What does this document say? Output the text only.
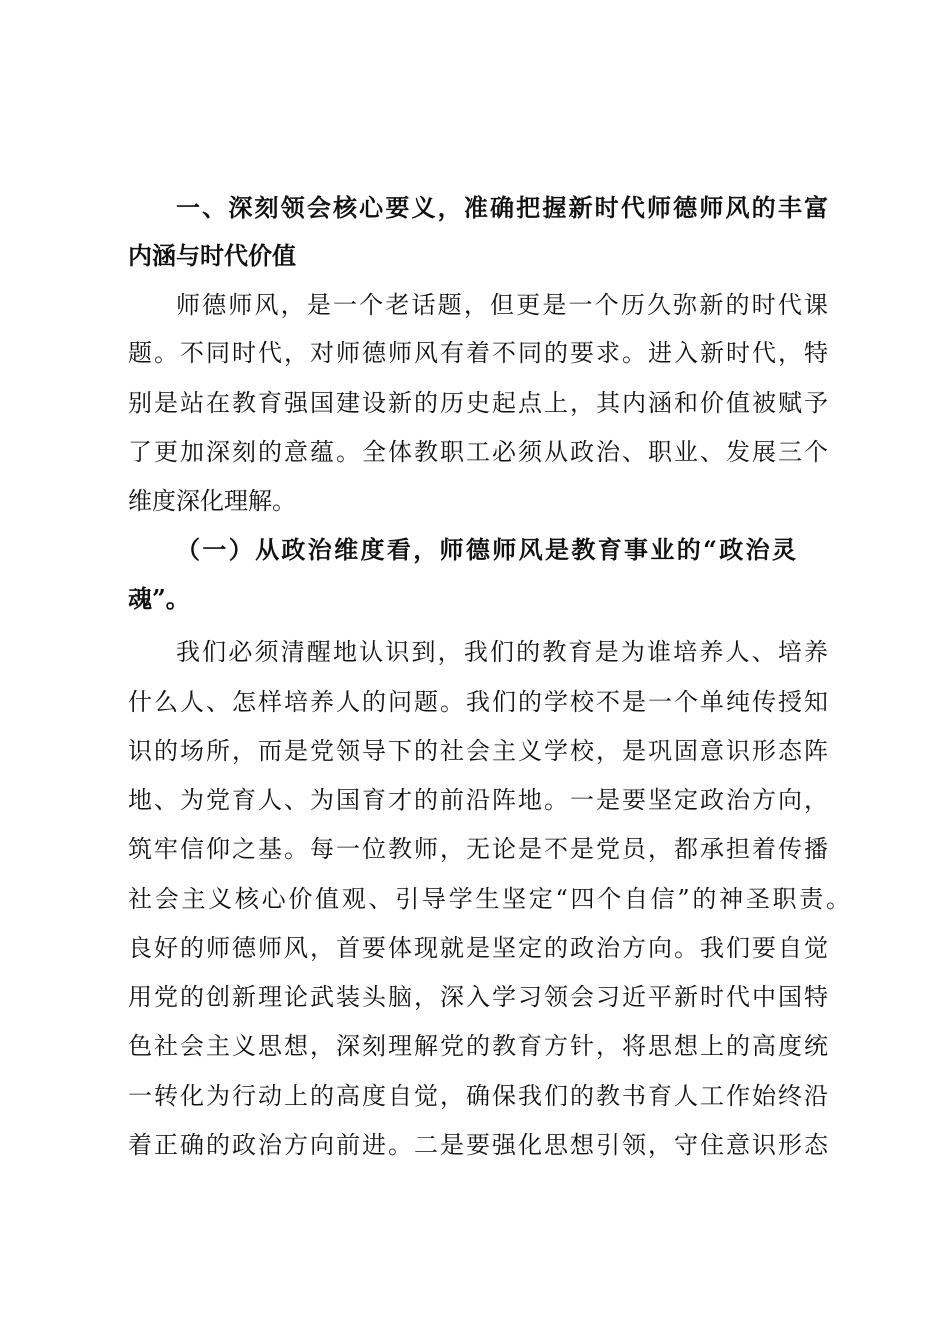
一、深刻领会核心要义，准确把握新时代师德师风的丰富
内涵与时代价值
师德师风，是一个老话题，但更是一个历久弥新的时代课
题。不同时代，对师德师风有着不同的要求。进入新时代，特
别是站在教育强国建设新的历史起点上，其内涵和价值被赋予
了更加深刻的意蕴。全体教职工必须从政治、职业、发展三个
维度深化理解。
（一）从政治维度看，师德师风是教育事业的“政治灵
魂”。
我们必须清醒地认识到，我们的教育是为谁培养人、培养
什么人、怎样培养人的问题。我们的学校不是一个单纯传授知
识的场所，而是党领导下的社会主义学校，是巩固意识形态阵
地、为党育人、为国育才的前沿阵地。一是要坚定政治方向，
筑牢信仰之基。每一位教师，无论是不是党员，都承担着传播
社会主义核心价值观、引导学生坚定“四个自信”的神圣职责。
良好的师德师风，首要体现就是坚定的政治方向。我们要自觉
用党的创新理论武装头脑，深入学习领会习近平新时代中国特
色社会主义思想，深刻理解党的教育方针，将思想上的高度统
一转化为行动上的高度自觉，确保我们的教书育人工作始终沿
着正确的政治方向前进。二是要强化思想引领，守住意识形态
